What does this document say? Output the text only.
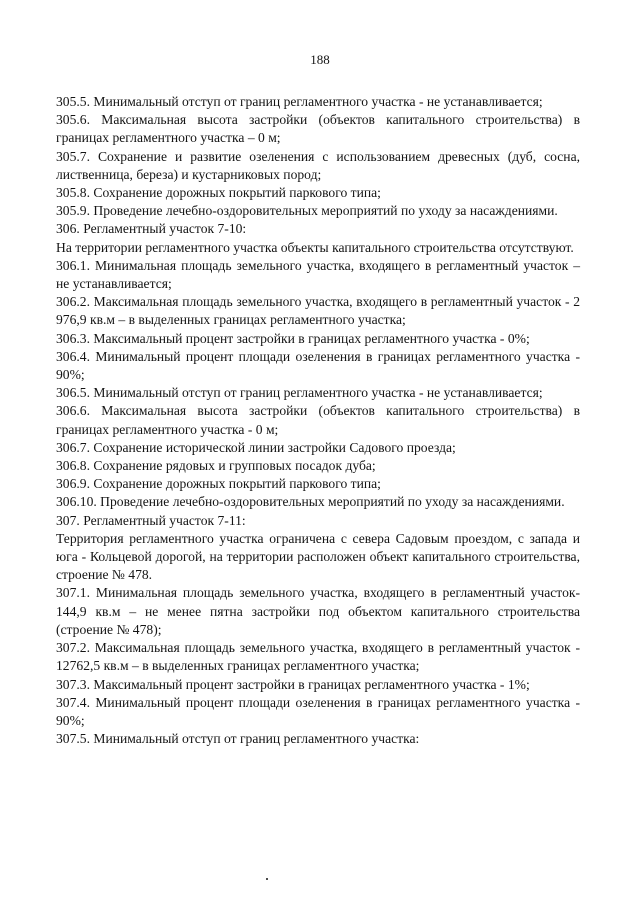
188

305.5. Минимальный отступ от границ регламентного участка - не устанавливается;

305.6. Максимальная высота застройки (объектов капитального строительства) в границах регламентного участка – 0 м;

305.7. Сохранение и развитие озеленения с использованием древесных (дуб, сосна, лиственница, береза) и кустарниковых пород;

305.8. Сохранение дорожных покрытий паркового типа;

305.9. Проведение лечебно-оздоровительных мероприятий по уходу за насаждениями.

306. Регламентный участок 7-10:

На территории регламентного участка объекты капитального строительства отсутствуют.

306.1. Минимальная площадь земельного участка, входящего в регламентный участок – не устанавливается;

306.2. Максимальная площадь земельного участка, входящего в регламентный участок - 2 976,9 кв.м – в выделенных границах регламентного участка;

306.3. Максимальный процент застройки в границах регламентного участка - 0%;

306.4. Минимальный процент площади озеленения в границах регламентного участка - 90%;

306.5. Минимальный отступ от границ регламентного участка - не устанавливается;

306.6. Максимальная высота застройки (объектов капитального строительства) в границах регламентного участка - 0 м;

306.7. Сохранение исторической линии застройки Садового проезда;

306.8. Сохранение рядовых и групповых посадок дуба;

306.9. Сохранение дорожных покрытий паркового типа;

306.10. Проведение лечебно-оздоровительных мероприятий по уходу за насаждениями.

307. Регламентный участок 7-11:

Территория регламентного участка ограничена с севера Садовым проездом, с запада и юга - Кольцевой дорогой, на территории расположен объект капитального строительства, строение № 478.

307.1. Минимальная площадь земельного участка, входящего в регламентный участок- 144,9 кв.м – не менее пятна застройки под объектом капитального строительства (строение № 478);

307.2. Максимальная площадь земельного участка, входящего в регламентный участок - 12762,5 кв.м – в выделенных границах регламентного участка;

307.3. Максимальный процент застройки в границах регламентного участка - 1%;

307.4. Минимальный процент площади озеленения в границах регламентного участка - 90%;

307.5. Минимальный отступ от границ регламентного участка:
